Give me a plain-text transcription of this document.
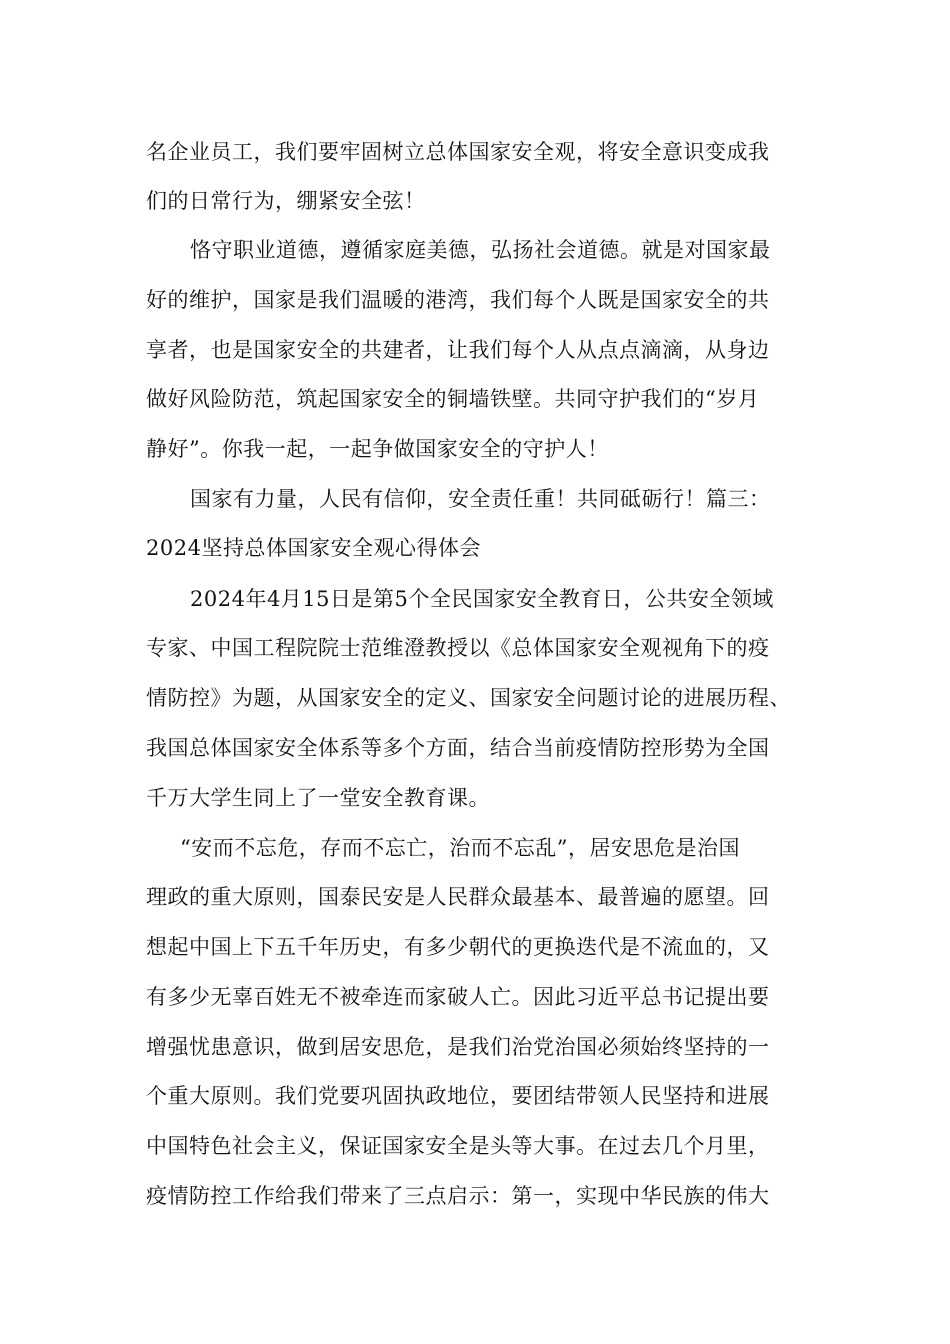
名企业员工，我们要牢固树立总体国家安全观，将安全意识变成我
们的日常行为，绷紧安全弦！
恪守职业道德，遵循家庭美德，弘扬社会道德。就是对国家最
好的维护，国家是我们温暖的港湾，我们每个人既是国家安全的共
享者，也是国家安全的共建者，让我们每个人从点点滴滴，从身边
做好风险防范，筑起国家安全的铜墙铁壁。共同守护我们的“岁月
静好”。你我一起，一起争做国家安全的守护人！
国家有力量，人民有信仰，安全责任重！共同砥砺行！篇三：
2024坚持总体国家安全观心得体会
2024年4月15日是第5个全民国家安全教育日，公共安全领域
专家、中国工程院院士范维澄教授以《总体国家安全观视角下的疫
情防控》为题，从国家安全的定义、国家安全问题讨论的进展历程、
我国总体国家安全体系等多个方面，结合当前疫情防控形势为全国
千万大学生同上了一堂安全教育课。
“安而不忘危，存而不忘亡，治而不忘乱”，居安思危是治国
理政的重大原则，国泰民安是人民群众最基本、最普遍的愿望。回
想起中国上下五千年历史，有多少朝代的更换迭代是不流血的，又
有多少无辜百姓无不被牵连而家破人亡。因此习近平总书记提出要
增强忧患意识，做到居安思危，是我们治党治国必须始终坚持的一
个重大原则。我们党要巩固执政地位，要团结带领人民坚持和进展
中国特色社会主义，保证国家安全是头等大事。在过去几个月里，
疫情防控工作给我们带来了三点启示：第一，实现中华民族的伟大
